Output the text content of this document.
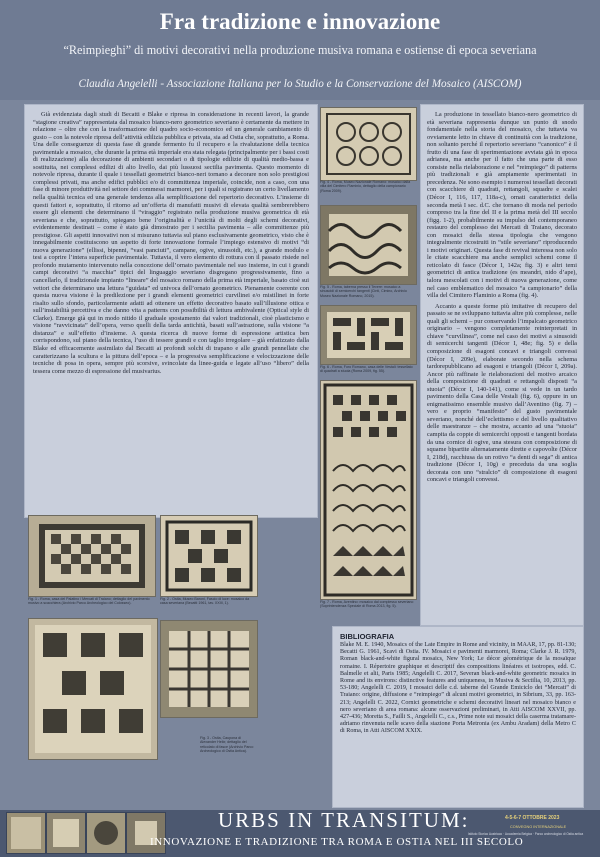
Fra tradizione e innovazione
“Reimpieghi” di motivi decorativi nella produzione musiva romana e ostiense di epoca severiana
Claudia Angelelli - Associazione Italiana per lo Studio e la Conservazione del Mosaico (AISCOM)

Già evidenziata dagli studi di Becatti e Blake e ripresa in considerazione in recenti lavori, la grande “stagione creativa” rappresentata dal mosaico bianco-nero geometrico severiano è certamente da mettere in relazione – oltre che con la trasformazione del quadro socio-economico ed un generale cambiamento di gusto – con la notevole ripresa dell’attività edilizia pubblica e privata, sia ad Ostia che, soprattutto, a Roma. Una delle conseguenze di questa fase di grande fermento fu il recupero e la rivalutazione della tecnica pavimentale a mosaico, che durante la prima età imperiale era stata relegata (principalmente per i bassi costi di realizzazione) alla decorazione di ambienti secondari o di tipologie edilizie di qualità medio-bassa e sostituita, nei complessi edilizi di alto livello, dai più lussuosi sectilia pavimenta. Questo momento di notevole ripresa, durante il quale i tessellati geometrici bianco-neri tornano a decorare non solo prestigiosi complessi privati, ma anche edifici pubblici e/o di committenza imperiale, coincide, non a caso, con una fase di minore produttività nel settore dei commessi marmorei, per i quali si registrano un certo livellamento nella qualità tecnica ed una generale tendenza alla semplificazione del repertorio decorativo. L’insieme di questi fattori e, soprattutto, il ritorno ad un’offerta di manufatti musivi di elevata qualità sembrerebbero essere gli elementi che determinano il “viraggio” registrato nella produzione musiva geometrica di età severiana e che, soprattutto, spiegano bene l’originalità e l’unicità di molti degli schemi decorativi, evidentemente destinati – come è stato già dimostrato per i sectilia pavimenta – alle committenze più prestigiose. Gli aspetti innovativi non si misurano tuttavia sul piano esclusivamente geometrico, visto che è innegabilmente costituiscono un aspetto di forte innovazione formale l’impiego estensivo di motivi “di nuova generazione” (ellissi, bipenni, “vasi panciuti”, campane, ogive, sinusoidi, etc.), a grande modulo e tesi a coprire l’intera superficie pavimentale. Tuttavia, il vero elemento di rottura con il passato risiede nel profondo mutamento intervenuto nella concezione dell’ornato pavimentale nel suo insieme, in cui i grandi campi decorativi “a macchia” tipici del linguaggio severiano disgregano progressivamente, fino a cancellarlo, il tradizionale impianto “lineare” del mosaico romano della prima età imperiale, basato cioè sui vettori che determinano una lettura “guidata” ed univoca dell’ornato geometrico. Pienamente coerente con questa nuova visione è la predilezione per i grandi elementi geometrici curvilinei e/o mistilinei in forte risalto sullo sfondo, particolarmente adatti ad ottenere un effetto decorativo basato sull’illusione ottica e sull’instabilità percettiva e che danno vita a patterns con possibilità di lettura ambivalente (Optical style di Clarke). Emerge già qui in modo nitido il graduale spostamento dai valori tradizionali, cioè plasticismo e visione “ravvicinata” dell’opera, verso quelli della tarda antichità, basati sull’astrazione, sulla visione “a distanza” e sull’effetto d’insieme. A questa ricerca di nuove forme di espressione artistica ben corrispondono, sul piano della tecnica, l’uso di tessere grandi e con taglio irregolare – già enfatizzato dalla Blake ed efficacemente assimilato dal Becatti ai profondi solchi di trapano e alle grandi pennellate che caratterizzano la scultura e la pittura dell’epoca – e la progressiva semplificazione e velocizzazione delle tecniche di posa in opera, sempre più scorsive, svincolate da linee-guida e legate all’uso “libero” della tessera come mezzo di espressione del musivarius.

Fig. 1 - Roma, casa del Palatino / Mercati di Traiano; dettaglio del pavimento musivo a scacchiera (Archivio Parco Archeologico del Colosseo).
Fig. 2 - Ostia, Museo Baroni, Fascio di luce: mosaico da casa severiana (Becatti 1961, tav. XXIII, 1).
Fig. 3 - Ostia, Caupona di Alexander Helix; dettaglio del reticolato di fasce (Archivio Parco Archeologico di Ostia Antica).
Fig. 4 - Roma, Museo Nazionale Romano: mosaico dalla villa del Cimitero Flaminio, dettaglio della campionario (Roma 2009).
Fig. 5 - Roma, taberna presso il Tevere: mosaico a sinusoidi di semicerchi tangenti (Cinti, Cimino, Archivio Museo Nazionale Romano, 2015).
Fig. 6 - Roma, Foro Romano, casa delle Vestali: tessellato di quadrati a stuoia (Roma 2009, fig. 55).
Fig. 7 - Roma, Aventino: mosaico dal complesso severiano (Soprintendenza Speciale di Roma 2013, fig. 5).

La produzione in tessellato bianco-nero geometrico di età severiana rappresenta dunque un punto di snodo fondamentale nella storia del mosaico, che tuttavia va ovviamente letto in chiave di continuità con la tradizione, non soltanto perché il repertorio severiano “canonico” è il frutto di una fase di sperimentazione avviata già in epoca adrianea, ma anche per il fatto che una parte di esso consiste nella rielaborazione e nel “reimpiego” di patterns più tradizionali e già ampiamente sperimentati in precedenza. Ne sono esempio i numerosi tessellati decorati con scacchiere di quadrati, rettangoli, squadre e scalei (Décor I, 116, 117, 118a-c), ornati caratteristici della seconda metà I sec. d.C. che tornano di moda nel periodo compreso tra la fine del II e la prima metà del III secolo (figg. 1-2), probabilmente su impulso del contemporaneo restauro del complesso dei Mercati di Traiano, decorato con mosaici della stessa tipologia che vengono integralmente ricostruiti in “stile severiano” riproducendo i motivi originari. Questa fase di revival interessa non solo le citate scacchiere ma anche semplici schemi come il reticolato di fasce (Décor I, 142a; fig. 3) e altri temi geometrici di antica tradizione (es meandri, nido d’ape), talora mescolati con i motivi di nuova generazione, come nel caso emblematico del mosaico “a campionario” della villa del Cimitero Flaminio a Roma (fig. 4).

Accanto a queste forme più imitative di recupero del passato se ne sviluppano tuttavia altre più complesse, nelle quali gli schemi – pur conservando l’impalcato geometrico originario – vengono completamente reinterpretati in chiave “curvilinea”, come nel caso dei motivi a sinusoidi di semicerchi tangenti (Décor I, 48e; fig. 5) e della composizione di esagoni concavi e triangoli convessi (Décor I, 209e), elaborate secondo nella schema tardorepubblicano ad esagoni e triangoli (Décor I, 209a). Ancor più raffinate le rielaborazioni del motivo arcaico della composizione di quadrati e rettangoli disposti “a stuoia” (Décor I, 140-141), come si vede in un tardo pavimento della Casa delle Vestali (fig. 6), oppure in un enigmatissimo ensemble musivo dall’Aventino (fig. 7) – vero e proprio “manifesto” del gusto pavimentale severiano, nonché dell’eclettismo e del livello qualitativo delle maestranze – che mostra, accanto ad una “stuoia” campita da coppie di semicerchi opposti e tangenti bordata da una cornice di ogive, una stesura con composizione di squame bipartite alternatamente dirette e capovolte (Décor I, 218d), racchiusa da un rotivo “a denti di sega” di antica tradizione (Décor I, 10g) e preceduta da una soglia decorata con uno “stralcio” di composizione di esagoni concavi e triangoli convessi.

BIBLIOGRAFIA

Blake M. E. 1940, Mosaics of the Late Empire in Rome and vicinity, in MAAR, 17, pp. 81-130; Becatti G. 1961, Scavi di Ostia. IV. Mosaici e pavimenti marmorei, Roma; Clarke J. R. 1979, Roman black-and-white figural mosaics, New York; Le décor géométrique de la mosaïque romaine. I. Répertoire graphique et descriptif des compositions linéaires et isotropes, edd. C. Balmelle et alii, Paris 1985; Angelelli C. 2017, Severan black-and-white geometric mosaics in Rome and its environs: distinctive features and uniqueness, in Musiva & Sectilia, 10, 2013, pp. 53-180; Angelelli C. 2019, I mosaici delle c.d. taberne del Grande Emiciclo dei “Mercati” di Traiano: origine, diffusione e “reimpiego” di alcuni motivi geometrici, in Sibrium, 33, pp. 163-213; Angelelli C. 2022, Cornici geometriche e schemi decorativi lineari nel mosaico bianco e nero severiano di area romana: alcune osservazioni preliminari, in Atti AISCOM XXVII, pp. 427-436; Moretta S., Failli S., Angelelli C., c.s., Prime note sui mosaici della caserma tratamare-adriamo rinvenuta nelle scavo della stazione Porta Metronia (ex Ambu Aradam) della Metro C di Roma, in Atti AISCOM XXIX.

URBS IN TRANSITUM:
INNOVAZIONE E TRADIZIONE TRA ROMA E OSTIA NEL III SECOLO
4-5-6-7 OTTOBRE 2023
CONVEGNO INTERNAZIONALE
Istituto Storico Austriaco · Accademia Belgica · Parco archeologico di Ostia antica
